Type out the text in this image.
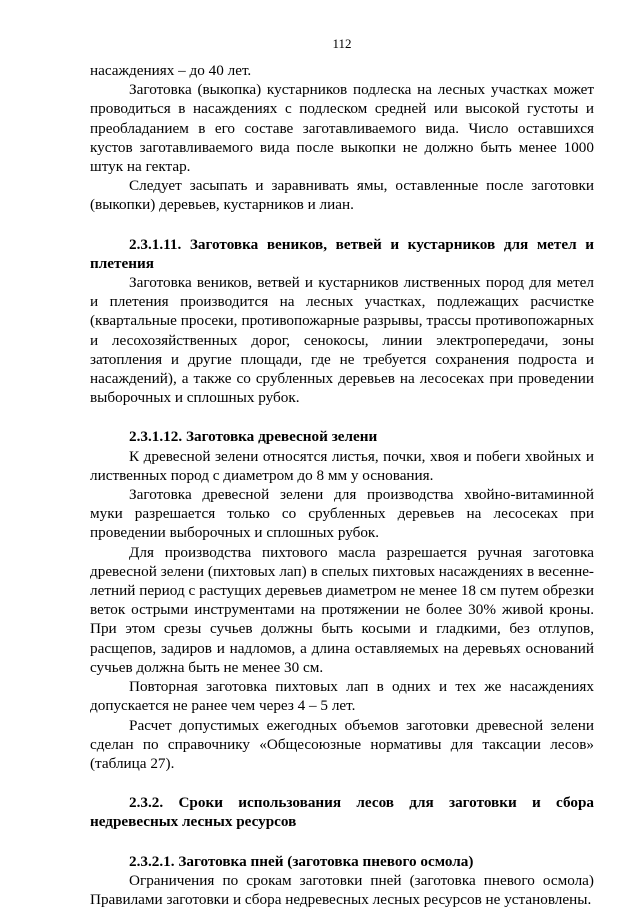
112

насаждениях – до 40 лет.

Заготовка (выкопка) кустарников подлеска на лесных участках может проводиться в насаждениях с подлеском средней или высокой густоты и преобладанием в его составе заготавливаемого вида. Число оставшихся кустов заготавливаемого вида после выкопки не должно быть менее 1000 штук на гектар.

Следует засыпать и заравнивать ямы, оставленные после заготовки (выкопки) деревьев, кустарников и лиан.

2.3.1.11. Заготовка веников, ветвей и кустарников для метел и плетения

Заготовка веников, ветвей и кустарников лиственных пород для метел и плетения производится на лесных участках, подлежащих расчистке (квартальные просеки, противопожарные разрывы, трассы противопожарных и лесохозяйственных дорог, сенокосы, линии электропередачи, зоны затопления и другие площади, где не требуется сохранения подроста и насаждений), а также со срубленных деревьев на лесосеках при проведении выборочных и сплошных рубок.

2.3.1.12. Заготовка древесной зелени

К древесной зелени относятся листья, почки, хвоя и побеги хвойных и лиственных пород с диаметром до 8 мм у основания.

Заготовка древесной зелени для производства хвойно-витаминной муки разрешается только со срубленных деревьев на лесосеках при проведении выборочных и сплошных рубок.

Для производства пихтового масла разрешается ручная заготовка древесной зелени (пихтовых лап) в спелых пихтовых насаждениях в весенне-летний период с растущих деревьев диаметром не менее 18 см путем обрезки веток острыми инструментами на протяжении не более 30% живой кроны. При этом срезы сучьев должны быть косыми и гладкими, без отлупов, расщепов, задиров и надломов, а длина оставляемых на деревьях оснований сучьев должна быть не менее 30 см.

Повторная заготовка пихтовых лап в одних и тех же насаждениях допускается не ранее чем через 4 – 5 лет.

Расчет допустимых ежегодных объемов заготовки древесной зелени сделан по справочнику «Общесоюзные нормативы для таксации лесов» (таблица 27).

2.3.2. Сроки использования лесов для заготовки и сбора недревесных лесных ресурсов

2.3.2.1. Заготовка пней (заготовка пневого осмола)

Ограничения по срокам заготовки пней (заготовка пневого осмола) Правилами заготовки и сбора недревесных лесных ресурсов не установлены.
